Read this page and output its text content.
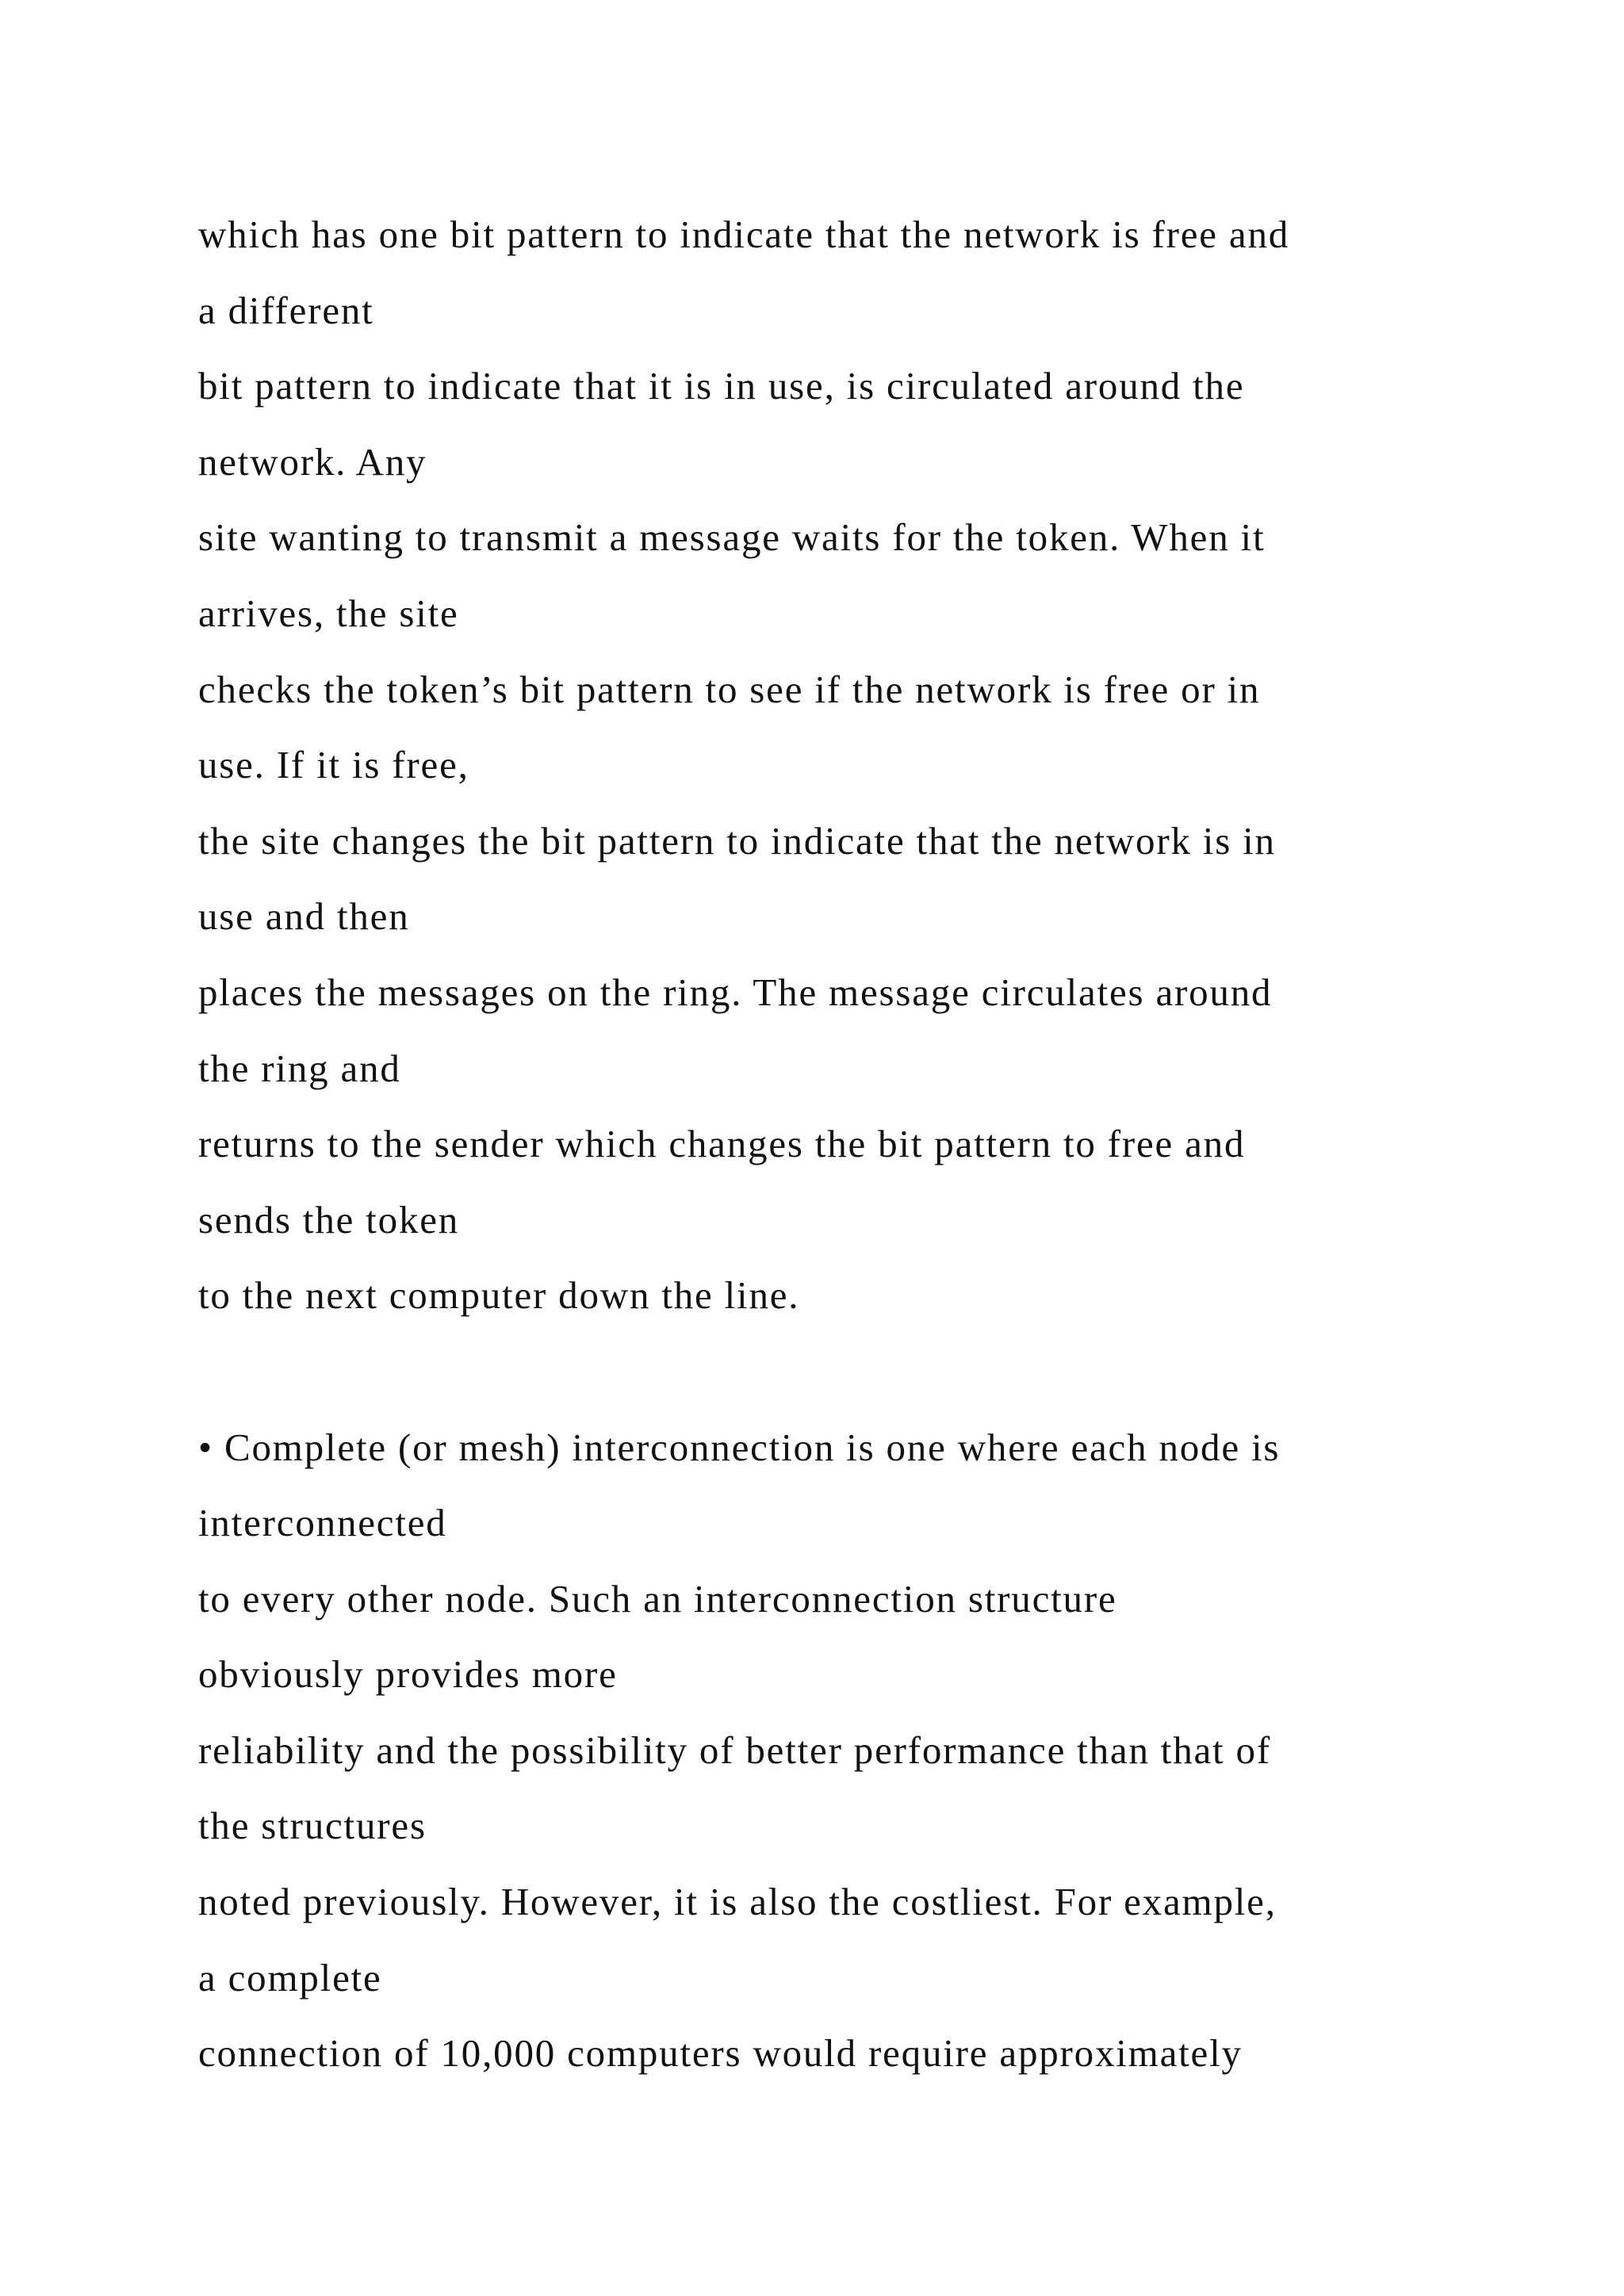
which has one bit pattern to indicate that the network is free and
a different
bit pattern to indicate that it is in use, is circulated around the
network. Any
site wanting to transmit a message waits for the token. When it
arrives, the site
checks the token’s bit pattern to see if the network is free or in
use. If it is free,
the site changes the bit pattern to indicate that the network is in
use and then
places the messages on the ring. The message circulates around
the ring and
returns to the sender which changes the bit pattern to free and
sends the token
to the next computer down the line.
• Complete (or mesh) interconnection is one where each node is
interconnected
to every other node. Such an interconnection structure
obviously provides more
reliability and the possibility of better performance than that of
the structures
noted previously. However, it is also the costliest. For example,
a complete
connection of 10,000 computers would require approximately
